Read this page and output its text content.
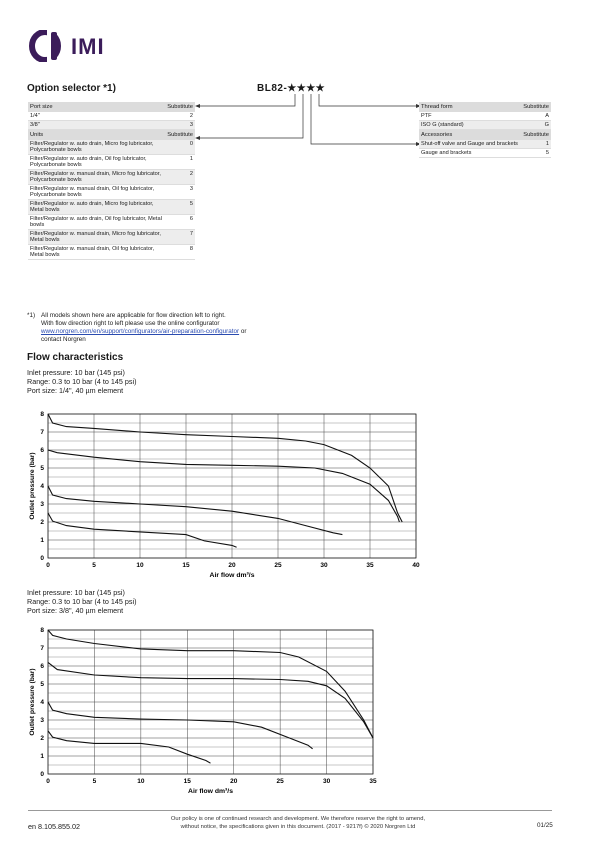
IMI
Option selector *1)	BL82-★★★★
Port size	Substitute
1/4"	2
3/8"	3
Units	Substitute
Filter/Regulator w. auto drain, Micro fog lubricator, Polycarbonate bowls	0
Filter/Regulator w. auto drain, Oil fog lubricator, Polycarbonate bowls	1
Filter/Regulator w. manual drain, Micro fog lubricator, Polycarbonate bowls	2
Filter/Regulator w. manual drain, Oil fog lubricator, Polycarbonate bowls	3
Filter/Regulator w. auto drain, Micro fog lubricator, Metal bowls	5
Filter/Regulator w. auto drain, Oil fog lubricator, Metal bowls	6
Filter/Regulator w. manual drain, Micro fog lubricator, Metal bowls	7
Filter/Regulator w. manual drain, Oil fog lubricator, Metal bowls	8
Thread form	Substitute
PTF	A
ISO G (standard)	G
Accessories	Substitute
Shut-off valve and Gauge and brackets	1
Gauge and brackets	5
*1) All models shown here are applicable for flow direction left to right.
With flow direction right to left please use the online configurator
www.norgren.com/en/support/configurators/air-preparation-configurator or
contact Norgren
Flow characteristics
Inlet pressure: 10 bar (145 psi)
Range: 0.3 to 10 bar (4 to 145 psi)
Port size: 1/4", 40 µm element
0	5	10	15	20	25	30	35	40
0
1
2
3
4
5
6
7
8
Air flow dm³/s
Outlet pressure (bar)
Inlet pressure: 10 bar (145 psi)
Range: 0.3 to 10 bar (4 to 145 psi)
Port size: 3/8", 40 µm element
0	5	10	15	20	25	30	35
0
1
2
3
4
5
6
7
8
Air flow dm³/s
Outlet pressure (bar)
en 8.105.855.02
Our policy is one of continued research and development. We therefore reserve the right to amend,
without notice, the specifications given in this document. (2017 - 9217f) © 2020 Norgren Ltd	01/25
